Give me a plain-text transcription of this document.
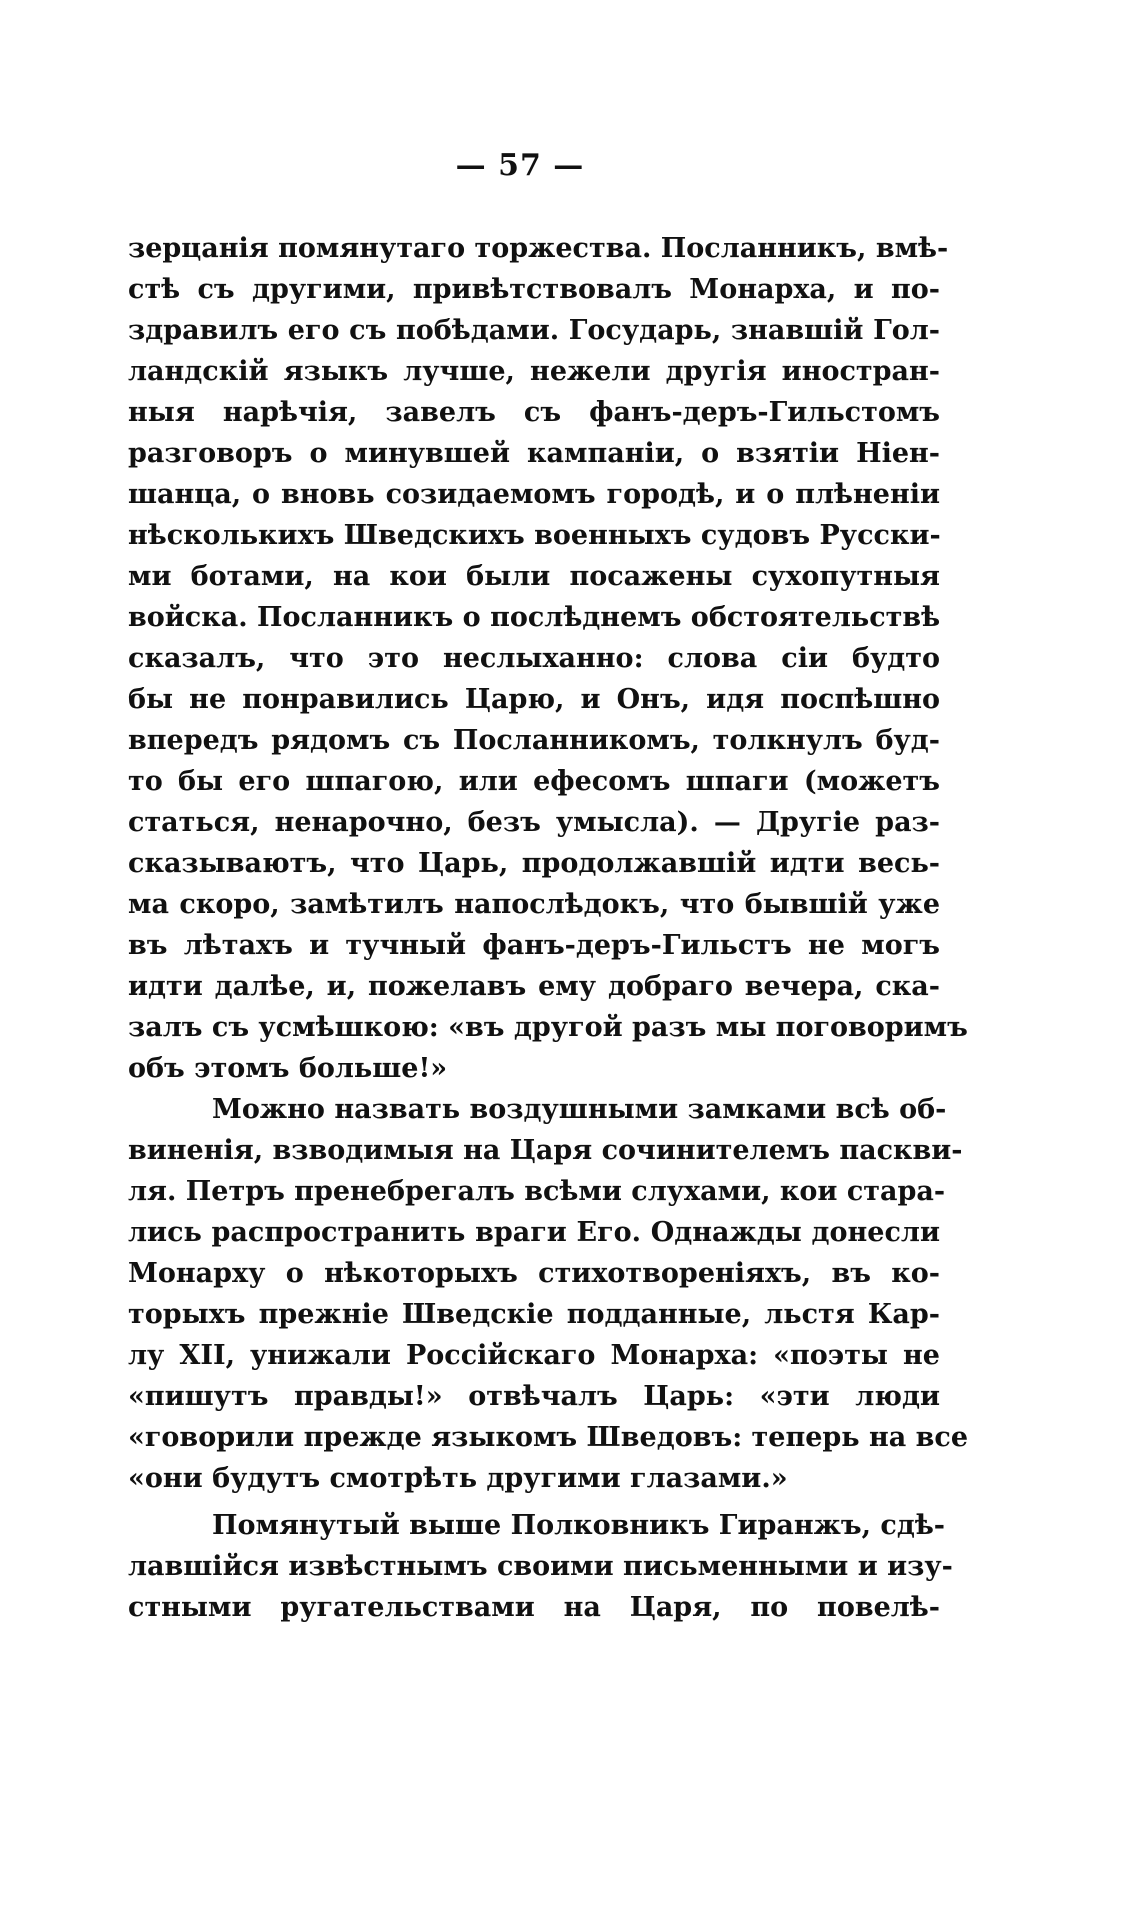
— 57 —
зерцанія помянутаго торжества. Посланникъ, вмѣ-
стѣ съ другими, привѣтствовалъ Монарха, и по-
здравилъ его съ побѣдами. Государь, знавшій Гол-
ландскій языкъ лучше, нежели другія иностран-
ныя нарѣчія, завелъ съ фанъ-деръ-Гильстомъ
разговоръ о минувшей кампаніи, о взятіи Ніен-
шанца, о вновь созидаемомъ городѣ, и о плѣненіи
нѣсколькихъ Шведскихъ военныхъ судовъ Русски-
ми ботами, на кои были посажены сухопутныя
войска. Посланникъ о послѣднемъ обстоятельствѣ
сказалъ, что это неслыханно: слова сіи будто
бы не понравились Царю, и Онъ, идя поспѣшно
впередъ рядомъ съ Посланникомъ, толкнулъ буд-
то бы его шпагою, или ефесомъ шпаги (можетъ
статься, ненарочно, безъ умысла). — Другіе раз-
сказываютъ, что Царь, продолжавшій идти весь-
ма скоро, замѣтилъ напослѣдокъ, что бывшій уже
въ лѣтахъ и тучный фанъ-деръ-Гильстъ не могъ
идти далѣе, и, пожелавъ ему добраго вечера, ска-
залъ съ усмѣшкою: «въ другой разъ мы поговоримъ
объ этомъ больше!»
Можно назвать воздушными замками всѣ об-
виненія, взводимыя на Царя сочинителемъ паскви-
ля. Петръ пренебрегалъ всѣми слухами, кои стара-
лись распространить враги Его. Однажды донесли
Монарху о нѣкоторыхъ стихотвореніяхъ, въ ко-
торыхъ прежніе Шведскіе подданные, льстя Кар-
лу XII, унижали Россійскаго Монарха: «поэты не
«пишутъ правды!» отвѣчалъ Царь: «эти люди
«говорили прежде языкомъ Шведовъ: теперь на все
«они будутъ смотрѣть другими глазами.»
Помянутый выше Полковникъ Гиранжъ, сдѣ-
лавшійся извѣстнымъ своими письменными и изу-
стными ругательствами на Царя, по повелѣ-
